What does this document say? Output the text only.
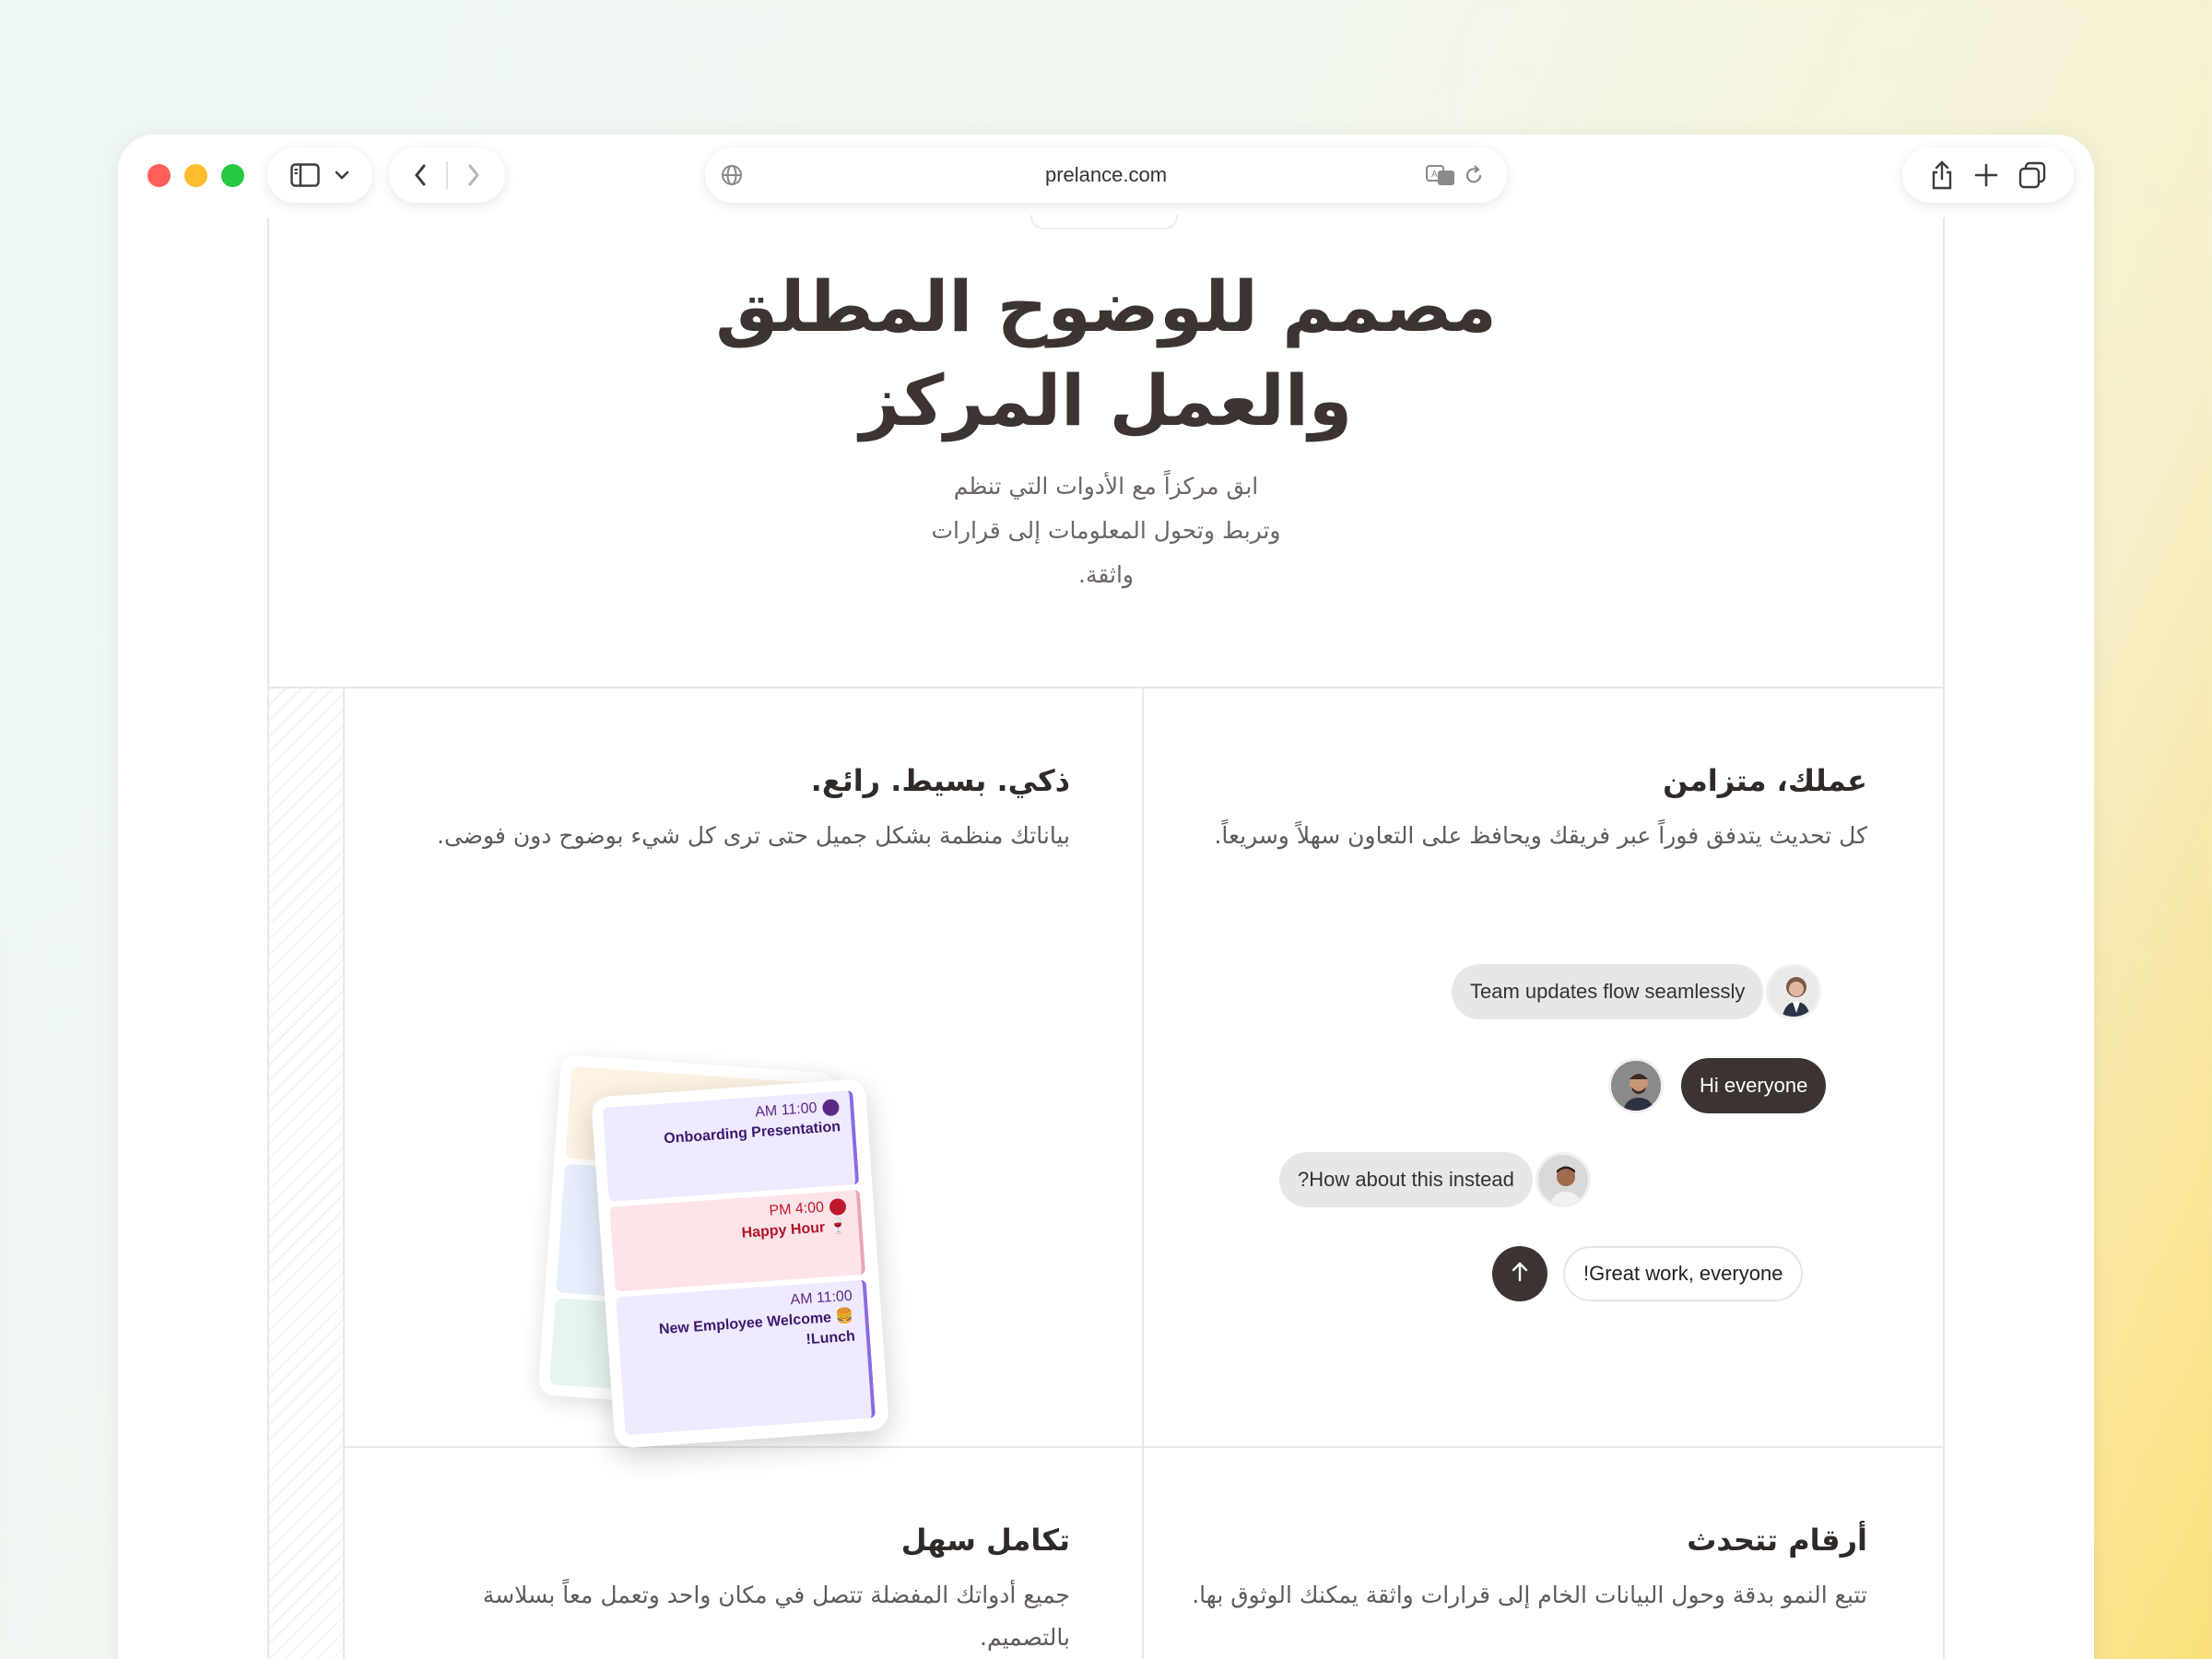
prelance.com	A
مصمم للوضوح المطلق والعمل المركز

ابق مركزاً مع الأدوات التي تنظم وتربط وتحول المعلومات إلى قرارات واثقة.

عملك، متزامن

كل تحديث يتدفق فوراً عبر فريقك ويحافظ على التعاون سهلاً وسريعاً.

Team updates flow seamlessly
Hi everyone
?How about this instead
!Great work, everyone
ذكي. بسيط. رائع.

بياناتك منظمة بشكل جميل حتى ترى كل شيء بوضوح دون فوضى.

AM 11:00
Onboarding Presentation
PM 4:00
Happy Hour 🍷
AM 11:00
New Employee Welcome 🍔 !Lunch
أرقام تتحدث

تتبع النمو بدقة وحول البيانات الخام إلى قرارات واثقة يمكنك الوثوق بها.

تكامل سهل

جميع أدواتك المفضلة تتصل في مكان واحد وتعمل معاً بسلاسة بالتصميم.
